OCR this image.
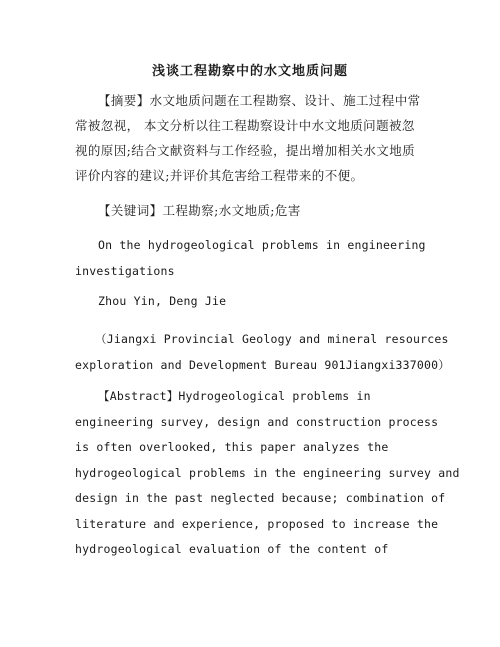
浅谈工程勘察中的水文地质问题
【摘要】水文地质问题在工程勘察、设计、施工过程中常
常被忽视， 本文分析以往工程勘察设计中水文地质问题被忽
视的原因;结合文献资料与工作经验，提出增加相关水文地质
评价内容的建议;并评价其危害给工程带来的不便。
【关键词】工程勘察;水文地质;危害
On the hydrogeological problems in engineering
investigations
Zhou Yin, Deng Jie
（Jiangxi Provincial Geology and mineral resources
exploration and Development Bureau 901Jiangxi337000）
【Abstract】Hydrogeological problems in
engineering survey, design and construction process
is often overlooked, this paper analyzes the
hydrogeological problems in the engineering survey and
design in the past neglected because; combination of
literature and experience, proposed to increase the
hydrogeological evaluation of the content of
